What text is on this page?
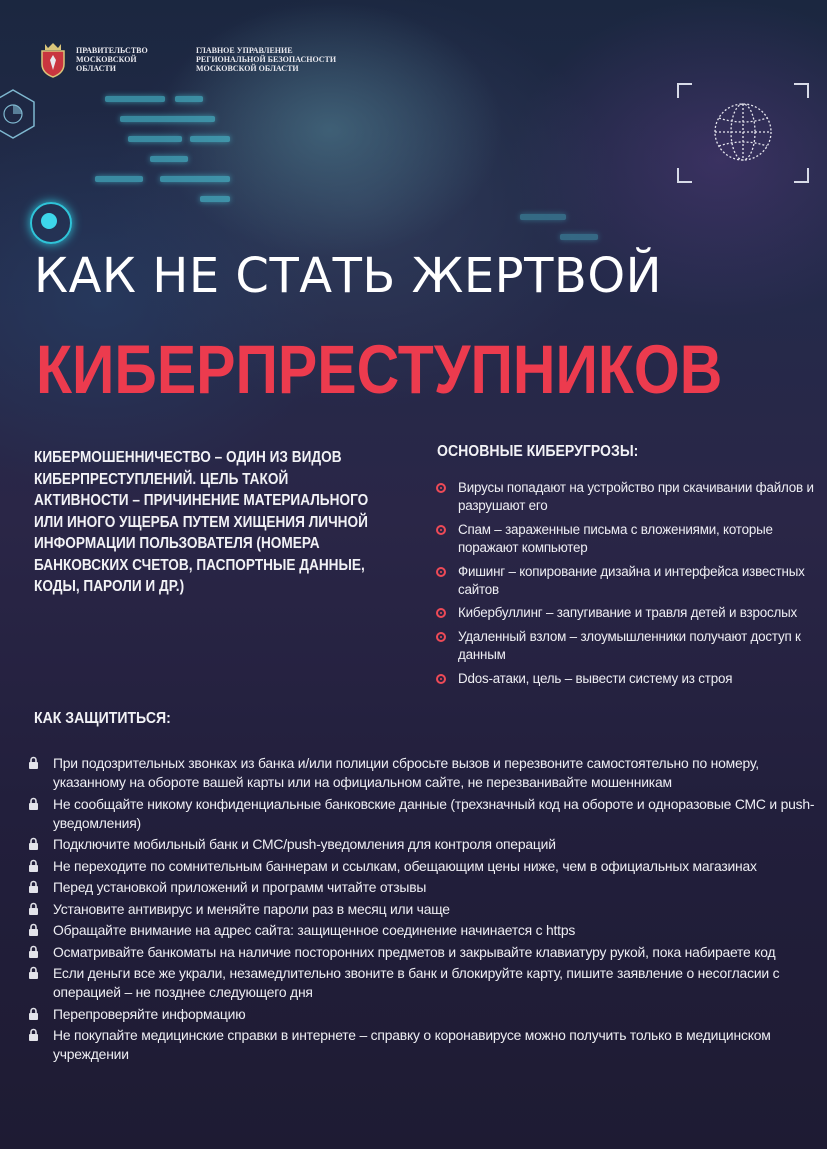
ПРАВИТЕЛЬСТВО МОСКОВСКОЙ ОБЛАСТИ
ГЛАВНОЕ УПРАВЛЕНИЕ РЕГИОНАЛЬНОЙ БЕЗОПАСНОСТИ МОСКОВСКОЙ ОБЛАСТИ
КАК НЕ СТАТЬ ЖЕРТВОЙ
КИБЕРПРЕСТУПНИКОВ

КИБЕРМОШЕННИЧЕСТВО – ОДИН ИЗ ВИДОВ КИБЕРПРЕСТУПЛЕНИЙ. ЦЕЛЬ ТАКОЙ АКТИВНОСТИ – ПРИЧИНЕНИЕ МАТЕРИАЛЬНОГО ИЛИ ИНОГО УЩЕРБА ПУТЕМ ХИЩЕНИЯ ЛИЧНОЙ ИНФОРМАЦИИ ПОЛЬЗОВАТЕЛЯ (НОМЕРА БАНКОВСКИХ СЧЕТОВ, ПАСПОРТНЫЕ ДАННЫЕ, КОДЫ, ПАРОЛИ И ДР.)

ОСНОВНЫЕ КИБЕРУГРОЗЫ:
Вирусы попадают на устройство при скачивании файлов и разрушают его
Спам – зараженные письма с вложениями, которые поражают компьютер
Фишинг – копирование дизайна и интерфейса известных сайтов
Кибербуллинг – запугивание и травля детей и взрослых
Удаленный взлом – злоумышленники получают доступ к данным
Ddos-атаки, цель – вывести систему из строя
КАК ЗАЩИТИТЬСЯ:
При подозрительных звонках из банка и/или полиции сбросьте вызов и перезвоните самостоятельно по номеру, указанному на обороте вашей карты или на официальном сайте, не перезванивайте мошенникам
Не сообщайте никому конфиденциальные банковские данные (трехзначный код на обороте и одноразовые СМС и push-уведомления)
Подключите мобильный банк и СМС/push-уведомления для контроля операций
Не переходите по сомнительным баннерам и ссылкам, обещающим цены ниже, чем в официальных магазинах
Перед установкой приложений и программ читайте отзывы
Установите антивирус и меняйте пароли раз в месяц или чаще
Обращайте внимание на адрес сайта: защищенное соединение начинается с https
Осматривайте банкоматы на наличие посторонних предметов и закрывайте клавиатуру рукой, пока набираете код
Если деньги все же украли, незамедлительно звоните в банк и блокируйте карту, пишите заявление о несогласии с операцией – не позднее следующего дня
Перепроверяйте информацию
Не покупайте медицинские справки в интернете – справку о коронавирусе можно получить только в медицинском учреждении
